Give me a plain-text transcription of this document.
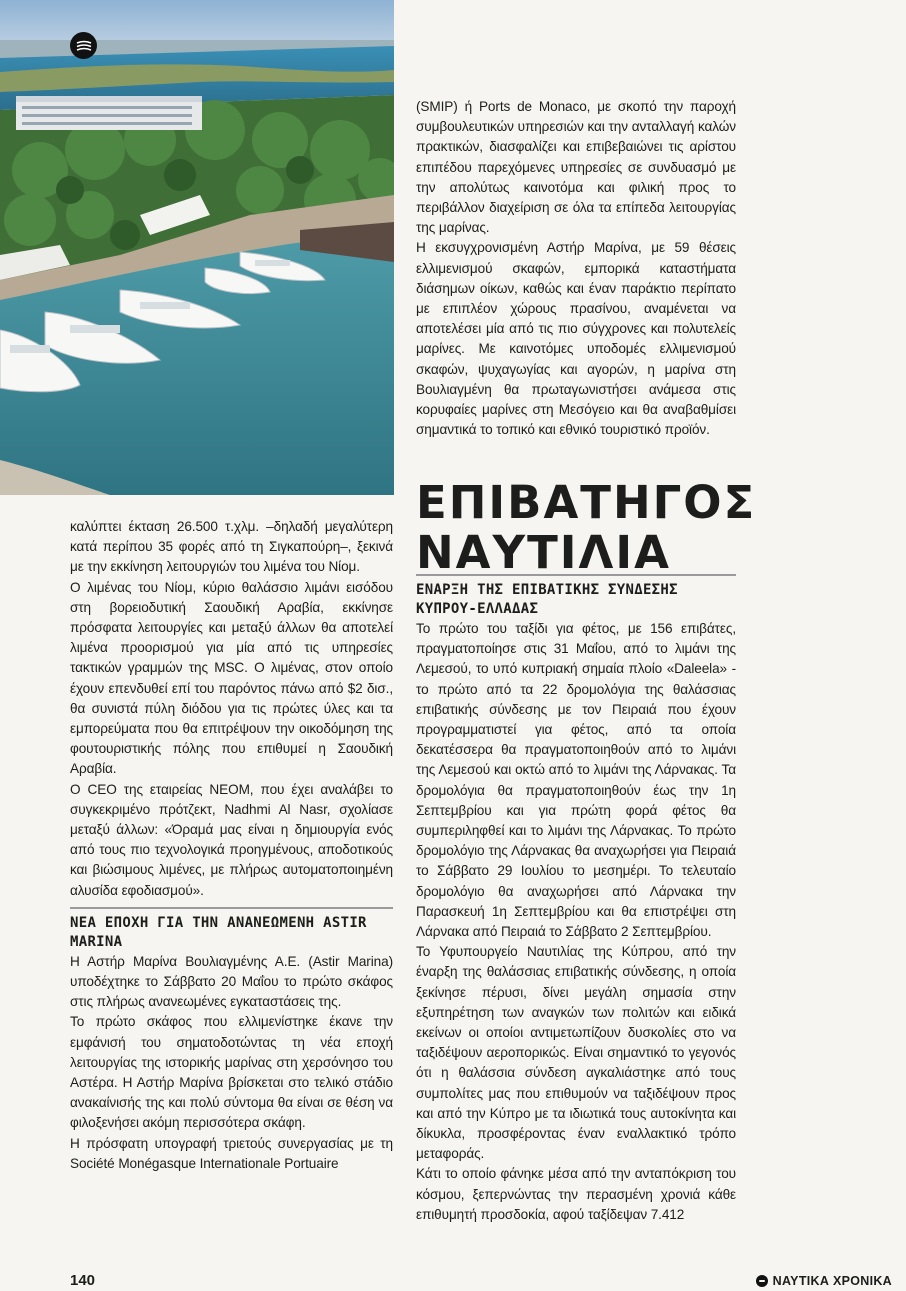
καλύπτει έκταση 26.500 τ.χλμ. –δηλαδή μεγαλύτερη κατά περίπου 35 φορές από τη Σιγκαπούρη–, ξεκινά με την εκκίνηση λειτουργιών του λιμένα του Νίομ.

Ο λιμένας του Νίομ, κύριο θαλάσσιο λιμάνι εισόδου στη βορειοδυτική Σαουδική Αραβία, εκκίνησε πρόσφατα λειτουργίες και μεταξύ άλλων θα αποτελεί λιμένα προορισμού για μία από τις υπηρεσίες τακτικών γραμμών της MSC. Ο λιμένας, στον οποίο έχουν επενδυθεί επί του παρόντος πάνω από $2 δισ., θα συνιστά πύλη διόδου για τις πρώτες ύλες και τα εμπορεύματα που θα επιτρέψουν την οικοδόμηση της φουτουριστικής πόλης που επιθυμεί η Σαουδική Αραβία.

Ο CEO της εταιρείας NEOM, που έχει αναλάβει το συγκεκριμένο πρότζεκτ, Nadhmi Al Nasr, σχολίασε μεταξύ άλλων: «Όραμά μας είναι η δημιουργία ενός από τους πιο τεχνολογικά προηγμένους, αποδοτικούς και βιώσιμους λιμένες, με πλήρως αυτοματοποιημένη αλυσίδα εφοδιασμού».

ΝΕΑ ΕΠΟΧΗ ΓΙΑ ΤΗΝ ΑΝΑΝΕΩΜΕΝΗ ASTIR MARINA

Η Αστήρ Μαρίνα Βουλιαγμένης Α.Ε. (Astir Marina) υποδέχτηκε το Σάββατο 20 Μαΐου το πρώτο σκάφος στις πλήρως ανανεωμένες εγκαταστάσεις της.

Το πρώτο σκάφος που ελλιμενίστηκε έκανε την εμφάνισή του σηματοδοτώντας τη νέα εποχή λειτουργίας της ιστορικής μαρίνας στη χερσόνησο του Αστέρα. Η Αστήρ Μαρίνα βρίσκεται στο τελικό στάδιο ανακαίνισής της και πολύ σύντομα θα είναι σε θέση να φιλοξενήσει ακόμη περισσότερα σκάφη.

Η πρόσφατη υπογραφή τριετούς συνεργασίας με τη Société Monégasque Internationale Portuaire

(SMIP) ή Ports de Monaco, με σκοπό την παροχή συμβουλευτικών υπηρεσιών και την ανταλλαγή καλών πρακτικών, διασφαλίζει και επιβεβαιώνει τις αρίστου επιπέδου παρεχόμενες υπηρεσίες σε συνδυασμό με την απολύτως καινοτόμα και φιλική προς το περιβάλλον διαχείριση σε όλα τα επίπεδα λειτουργίας της μαρίνας.

Η εκσυγχρονισμένη Αστήρ Μαρίνα, με 59 θέσεις ελλιμενισμού σκαφών, εμπορικά καταστήματα διάσημων οίκων, καθώς και έναν παράκτιο περίπατο με επιπλέον χώρους πρασίνου, αναμένεται να αποτελέσει μία από τις πιο σύγχρονες και πολυτελείς μαρίνες. Με καινοτόμες υποδομές ελλιμενισμού σκαφών, ψυχαγωγίας και αγορών, η μαρίνα στη Βουλιαγμένη θα πρωταγωνιστήσει ανάμεσα στις κορυφαίες μαρίνες στη Μεσόγειο και θα αναβαθμίσει σημαντικά το τοπικό και εθνικό τουριστικό προϊόν.

ΕΠΙΒΑΤΗΓΟΣ
ΝΑΥΤΙΛΙΑ
ΕΝΑΡΞΗ ΤΗΣ ΕΠΙΒΑΤΙΚΗΣ ΣΥΝΔΕΣΗΣ ΚΥΠΡΟΥ-ΕΛΛΑΔΑΣ

Το πρώτο του ταξίδι για φέτος, με 156 επιβάτες, πραγματοποίησε στις 31 Μαΐου, από το λιμάνι της Λεμεσού, το υπό κυπριακή σημαία πλοίο «Daleela» - το πρώτο από τα 22 δρομολόγια της θαλάσσιας επιβατικής σύνδεσης με τον Πειραιά που έχουν προγραμματιστεί για φέτος, από τα οποία δεκατέσσερα θα πραγματοποιηθούν από το λιμάνι της Λεμεσού και οκτώ από το λιμάνι της Λάρνακας. Τα δρομολόγια θα πραγματοποιηθούν έως την 1η Σεπτεμβρίου και για πρώτη φορά φέτος θα συμπεριληφθεί και το λιμάνι της Λάρνακας. Το πρώτο δρομολόγιο της Λάρνακας θα αναχωρήσει για Πειραιά το Σάββατο 29 Ιουλίου το μεσημέρι. Το τελευταίο δρομολόγιο θα αναχωρήσει από Λάρνακα την Παρασκευή 1η Σεπτεμβρίου και θα επιστρέψει στη Λάρνακα από Πειραιά το Σάββατο 2 Σεπτεμβρίου.

Το Υφυπουργείο Ναυτιλίας της Κύπρου, από την έναρξη της θαλάσσιας επιβατικής σύνδεσης, η οποία ξεκίνησε πέρυσι, δίνει μεγάλη σημασία στην εξυπηρέτηση των αναγκών των πολιτών και ειδικά εκείνων οι οποίοι αντιμετωπίζουν δυσκολίες στο να ταξιδέψουν αεροπορικώς. Είναι σημαντικό το γεγονός ότι η θαλάσσια σύνδεση αγκαλιάστηκε από τους συμπολίτες μας που επιθυμούν να ταξιδέψουν προς και από την Κύπρο με τα ιδιωτικά τους αυτοκίνητα και δίκυκλα, προσφέροντας έναν εναλλακτικό τρόπο μεταφοράς.

Κάτι το οποίο φάνηκε μέσα από την ανταπόκριση του κόσμου, ξεπερνώντας την περασμένη χρονιά κάθε επιθυμητή προσδοκία, αφού ταξίδεψαν 7.412

140	ΝΑΥΤΙΚΑ ΧΡΟΝΙΚΑ
